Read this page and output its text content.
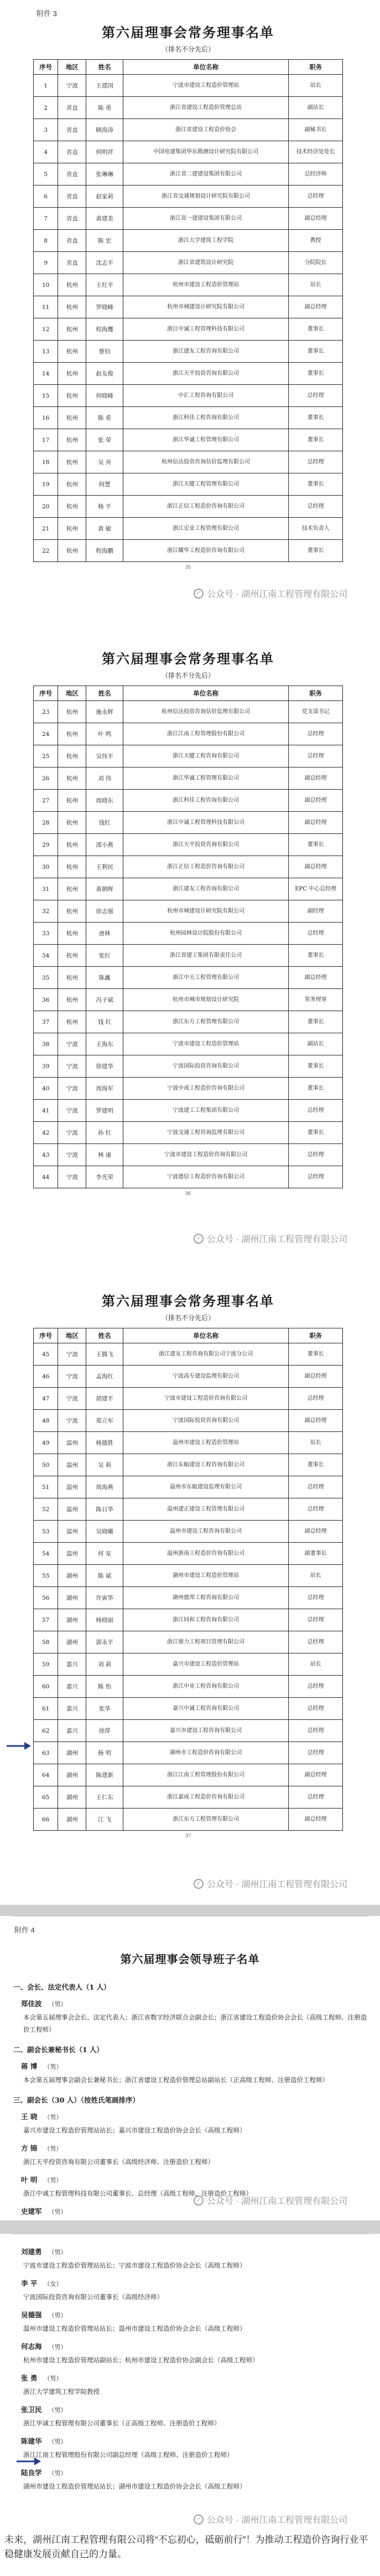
附件 3
第六届理事会常务理事名单
（排名不分先后）
序号	地区	姓名	单位名称	职务
1	宁波	王建国	宁波市建设工程造价管理站	站长
2	省直	陈 勇	浙江省建设工程造价管理总站	副站长
3	省直	顾海涛	浙江省建设工程造价协会	副秘书长
4	省直	何明祥	中国电建集团华东勘测设计研究院有限公司	技术经济处处长
5	省直	张琳琳	浙江省二建建设集团有限公司	总经济师
6	省直	赵家莉	浙江省交通规划设计研究院有限公司	总经理
7	省直	黄建美	浙江省一建建设集团有限公司	副总经理
8	省直	陈 宏	浙江大学建筑工程学院	教授
9	省直	沈志平	浙江省建筑设计研究院	分院院长
10	杭州	王红平	杭州市建设工程造价管理站	站长
11	杭州	罗晓峰	杭州市城建设计研究院有限公司	副总经理
12	杭州	程海鹰	浙江中诚工程管理科技有限公司	董事长
13	杭州	蔡钧	浙江建友工程咨询有限公司	董事长
14	杭州	赵友俊	浙江天平投资咨询有限公司	董事长
15	杭州	何晓峰	中汇工程咨询有限公司	总经理
16	杭州	陈 希	浙江科佳工程咨询有限公司	董事长
17	杭州	张 荣	浙江华诚工程管理有限公司	董事长
18	杭州	吴 舟	杭州信达投资咨询估价监理有限公司	总经理
19	杭州	何慧	浙江天健工程管理有限公司	董事长
20	杭州	杨 平	浙江正信工程造价咨询有限公司	总经理
21	杭州	黄 敏	浙江宏业工程管理有限公司	技术负责人
22	杭州	程海鹏	浙江耀华工程造价咨询有限公司	董事长
35
✓ 公众号 · 湖州江南工程管理有限公司
第六届理事会常务理事名单
（排名不分先后）
序号	地区	姓名	单位名称	职务
23	杭州	施永辉	杭州信达投资咨询估价监理有限公司	党支部书记
24	杭州	叶 鸣	浙江江南工程管理股份有限公司	总经理
25	杭州	吴伟平	浙江天健工程咨询有限公司	总经理
26	杭州	刘 伟	浙江华诚工程管理有限公司	副总经理
27	杭州	周晓东	浙江科佳工程咨询有限公司	副总经理
28	杭州	钱红	浙江中诚工程管理科技有限公司	副总经理
29	杭州	邵小燕	浙江天平投资咨询有限公司	董事长
30	杭州	王利民	浙江正信工程造价咨询有限公司	副总经理
31	杭州	黄朝晖	浙江建友工程咨询有限公司	EPC 中心总经理
32	杭州	徐志强	杭州市城建设计研究院有限公司	副经理
33	杭州	唐林	杭州园林设计院股份有限公司	总经理
34	杭州	张红	浙江省建工集团有限责任公司	董事长
35	杭州	陈鑫	浙江中天工程管理有限公司	副总经理
36	杭州	冯子斌	杭州市城市规划设计研究院	常务理事
37	杭州	钱 红	浙江东方工程管理有限公司	董事长
38	宁波	王海东	宁波市建设工程造价管理站	副站长
39	宁波	徐建华	宁波国际投资咨询有限公司	董事长
40	宁波	周海军	宁波中成工程造价咨询有限公司	董事长
41	宁波	罗建明	宁波建工工程集团有限公司	总经理
42	宁波	孙 红	宁波交通工程咨询监理有限公司	董事长
43	宁波	林 康	宁波市建设工程造价咨询有限公司	总经理
44	宁波	李光荣	宁波德信工程造价咨询有限公司	总经理
36
✓ 公众号 · 湖州江南工程管理有限公司
第六届理事会常务理事名单
（排名不分先后）
序号	地区	姓名	单位名称	职务
45	宁波	王腾飞	浙江建友工程咨询有限公司宁波分公司	董事长
46	宁波	孟海红	宁波高专建设监理有限公司	副总经理
47	宁波	胡建平	宁波市建设工程造价咨询有限公司	总经理
48	宁波	郑立军	宁波国际投资咨询有限公司	副总经理
49	温州	杨德胜	温州市建设工程造价管理站	站长
50	温州	吴 莉	浙江东瓯建设工程咨询有限公司	董事长
51	温州	周海燕	温州市东瓯建设监理有限公司	总经理
52	温州	陈日华	温州建正建设工程管理有限公司	总经理
53	温州	吴晓曦	温州市建设工程咨询有限公司	副总经理
54	温州	何 星	温州浙南工程造价咨询有限公司	副董事长
55	湖州	陈 斌	湖州市建设工程造价管理站	站长
56	湖州	许寅华	湖州德邦工程咨询有限公司	总经理
57	湖州	杨晓丽	浙江同和工程咨询有限公司	总经理
58	湖州	郭永平	浙江鼎力工程项目管理有限公司	总经理
59	嘉兴	刘 莉	嘉兴市建设工程造价管理站	站长
60	嘉兴	陈 怡	浙江中业工程咨询有限公司	总经理
61	嘉兴	张华	嘉兴中诚工程咨询有限公司	总经理
62	嘉兴	徐萍	嘉兴市建设工程咨询有限公司	总经理
63	湖州	杨 明	湖州市工程造价咨询有限公司	总经理
64	湖州	陈建新	浙江江南工程管理股份有限公司	副总经理
65	湖州	王仁东	浙江嘉成工程造价咨询有限公司	总经理
66	湖州	江 飞	浙江东方工程管理有限公司	副总经理
37
✓ 公众号 · 湖州江南工程管理有限公司
附件 4
第六届理事会领导班子名单
一、会长、法定代表人（1 人）

郑佳波 （男）

本会第五届理事会会长、法定代表人；浙江省数字经济联合会副会长；浙江省建设工程造价协会会长（高级工程师、注册造价工程师）

二、副会长兼秘书长（1 人）

蒋 博 （男）

本会第五届理事会副会长兼秘书长；浙江省建设工程造价管理总站副站长（正高级工程师、注册造价工程师）

三、副会长（30 人）（按姓氏笔画排序）

王 晓 （男）

嘉兴市建设工程造价管理站站长；嘉兴市建设工程造价协会会长（高级工程师）

方 锦 （男）

浙江天平投资咨询有限公司董事长（高级经济师、注册造价工程师）

叶 明 （男）

浙江中诚工程管理科技有限公司董事长、总经理（高级工程师、注册造价工程师）

史建军 （男）

✓ 公众号 · 湖州江南工程管理有限公司

刘建勇 （男）

宁波市建设工程造价管理站站长；宁波市建设工程造价协会会长（高级工程师）

李 平 （女）

宁波国际投资咨询有限公司董事长（高级经济师）

吴德强 （男）

温州市建设工程造价管理站站长；温州市建设工程造价协会会长（高级工程师）

何志海 （男）

杭州市建设工程造价管理站副站长；杭州市建设工程造价协会副会长（高级工程师）

张 勇 （男）

浙江大学建筑工程学院教授

张卫民 （男）

浙江华诚工程管理有限公司董事长（正高级工程师、注册造价工程师）

陈建华 （男）

浙江江南工程管理股份有限公司副总经理（高级工程师、注册造价工程师）

陆良学 （男）

湖州市建设工程造价管理站站长；湖州市建设工程造价协会会长（高级工程师）

✓ 公众号 · 湖州江南工程管理有限公司
未来，湖州江南工程管理有限公司将“不忘初心，砥砺前行”！为推动工程造价咨询行业平稳健康发展贡献自己的力量。
